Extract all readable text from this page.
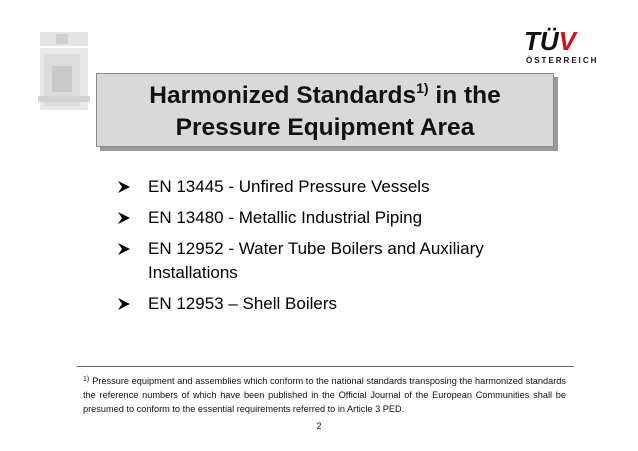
TÜV
ÖSTERREICH
Harmonized Standards$^{1)}$ in the
Pressure Equipment Area
EN 13445 - Unfired Pressure Vessels
EN 13480 - Metallic Industrial Piping
EN 12952 - Water Tube Boilers and Auxiliary Installations
EN 12953 – Shell Boilers
$^{1)}$ Pressure equipment and assemblies which conform to the national standards transposing the harmonized standards the reference numbers of which have been published in the Official Journal of the European Communities shall be presumed to conform to the essential requirements referred to in Article 3 PED.
2
